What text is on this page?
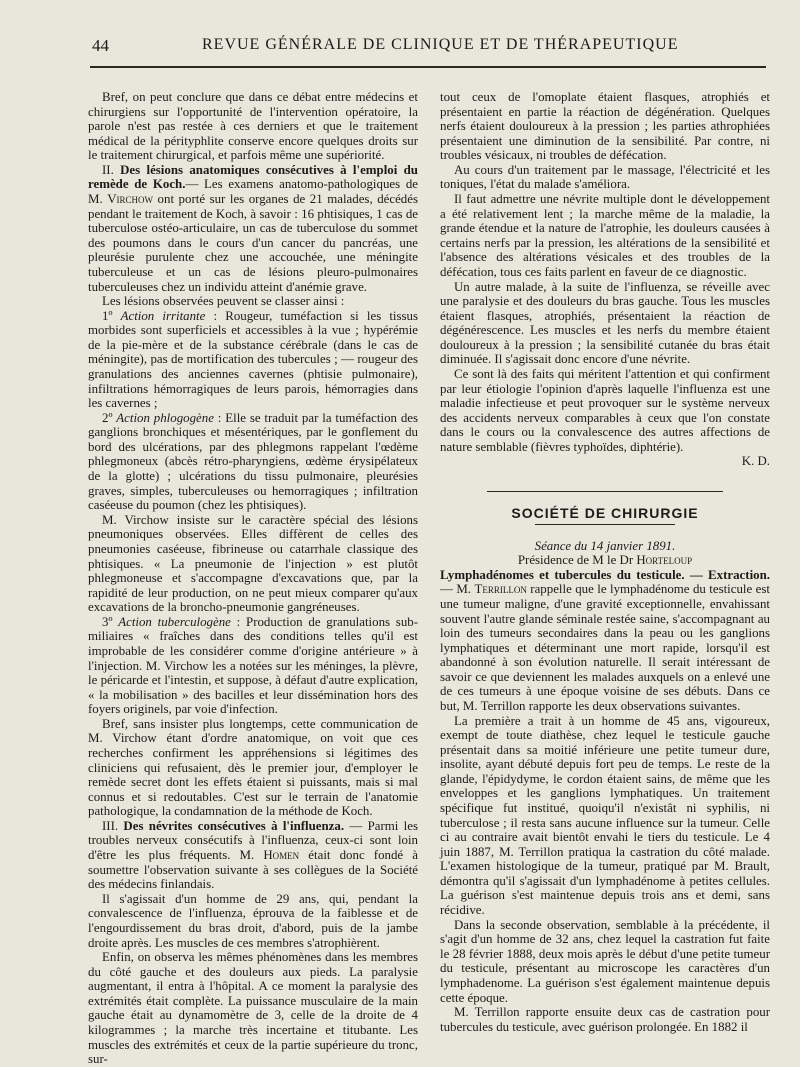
44	REVUE GÉNÉRALE DE CLINIQUE ET DE THÉRAPEUTIQUE

Bref, on peut conclure que dans ce débat entre médecins et chirurgiens sur l'opportunité de l'intervention opératoire, la parole n'est pas restée à ces derniers et que le traitement médical de la pérityphlite conserve encore quelques droits sur le traitement chirurgical, et parfois même une supériorité.

II. Des lésions anatomiques consécutives à l'emploi du remède de Koch.— Les examens anatomo-pathologiques de M. Virchow ont porté sur les organes de 21 malades, décédés pendant le traitement de Koch, à savoir : 16 phtisiques, 1 cas de tuberculose ostéo-articulaire, un cas de tuberculose du sommet des poumons dans le cours d'un cancer du pancréas, une pleurésie purulente chez une accouchée, une méningite tuberculeuse et un cas de lésions pleuro-pulmonaires tuberculeuses chez un individu atteint d'anémie grave.

Les lésions observées peuvent se classer ainsi :

1º Action irritante : Rougeur, tuméfaction si les tissus morbides sont superficiels et accessibles à la vue ; hypérémie de la pie-mère et de la substance cérébrale (dans le cas de méningite), pas de mortification des tubercules ; — rougeur des granulations des anciennes cavernes (phtisie pulmonaire), infiltrations hémorragiques de leurs parois, hémorragies dans les cavernes ;

2º Action phlogogène : Elle se traduit par la tuméfaction des ganglions bronchiques et mésentériques, par le gonflement du bord des ulcérations, par des phlegmons rappelant l'œdème phlegmoneux (abcès rétro-pharyngiens, œdème érysipélateux de la glotte) ; ulcérations du tissu pulmonaire, pleurésies graves, simples, tuberculeuses ou hemorragiques ; infiltration caséeuse du poumon (chez les phtisiques).

M. Virchow insiste sur le caractère spécial des lésions pneumoniques observées. Elles diffèrent de celles des pneumonies caséeuse, fibrineuse ou catarrhale classique des phtisiques. « La pneumonie de l'injection » est plutôt phlegmoneuse et s'accompagne d'excavations que, par la rapidité de leur production, on ne peut mieux comparer qu'aux excavations de la broncho-pneumonie gangréneuses.

3º Action tuberculogène : Production de granulations sub-miliaires « fraîches dans des conditions telles qu'il est improbable de les considérer comme d'origine antérieure » à l'injection. M. Virchow les a notées sur les méninges, la plèvre, le péricarde et l'intestin, et suppose, à défaut d'autre explication, « la mobilisation » des bacilles et leur dissémination hors des foyers originels, par voie d'infection.

Bref, sans insister plus longtemps, cette communication de M. Virchow étant d'ordre anatomique, on voit que ces recherches confirment les appréhensions si légitimes des cliniciens qui refusaient, dès le premier jour, d'employer le remède secret dont les effets étaient si puissants, mais si mal connus et si redoutables. C'est sur le terrain de l'anatomie pathologique, la condamnation de la méthode de Koch.

III. Des névrites consécutives à l'influenza. — Parmi les troubles nerveux consécutifs à l'influenza, ceux-ci sont loin d'être les plus fréquents. M. Homen était donc fondé à soumettre l'observation suivante à ses collègues de la Société des médecins finlandais.

Il s'agissait d'un homme de 29 ans, qui, pendant la convalescence de l'influenza, éprouva de la faiblesse et de l'engourdissement du bras droit, d'abord, puis de la jambe droite après. Les muscles de ces membres s'atrophièrent.

Enfin, on observa les mêmes phénomènes dans les membres du côté gauche et des douleurs aux pieds. La paralysie augmentant, il entra à l'hôpital. A ce moment la paralysie des extrémités était complète. La puissance musculaire de la main gauche était au dynamomètre de 3, celle de la droite de 4 kilogrammes ; la marche très incertaine et titubante. Les muscles des extrémités et ceux de la partie supérieure du tronc, sur-

tout ceux de l'omoplate étaient flasques, atrophiés et présentaient en partie la réaction de dégénération. Quelques nerfs étaient douloureux à la pression ; les parties athrophiées présentaient une diminution de la sensibilité. Par contre, ni troubles vésicaux, ni troubles de défécation.

Au cours d'un traitement par le massage, l'électricité et les toniques, l'état du malade s'améliora.

Il faut admettre une névrite multiple dont le développement a été relativement lent ; la marche même de la maladie, la grande étendue et la nature de l'atrophie, les douleurs causées à certains nerfs par la pression, les altérations de la sensibilité et l'absence des altérations vésicales et des troubles de la défécation, tous ces faits parlent en faveur de ce diagnostic.

Un autre malade, à la suite de l'influenza, se réveille avec une paralysie et des douleurs du bras gauche. Tous les muscles étaient flasques, atrophiés, présentaient la réaction de dégénérescence. Les muscles et les nerfs du membre étaient douloureux à la pression ; la sensibilité cutanée du bras était diminuée. Il s'agissait donc encore d'une névrite.

Ce sont là des faits qui méritent l'attention et qui confirment par leur étiologie l'opinion d'après laquelle l'influenza est une maladie infectieuse et peut provoquer sur le système nerveux des accidents nerveux comparables à ceux que l'on constate dans le cours ou la convalescence des autres affections de nature semblable (fièvres typhoïdes, diphtérie).

K. D.

SOCIÉTÉ DE CHIRURGIE

Séance du 14 janvier 1891.

Présidence de M le Dr Horteloup

Lymphadénomes et tubercules du testicule. — Extraction. — M. Terrillon rappelle que le lymphadénome du testicule est une tumeur maligne, d'une gravité exceptionnelle, envahissant souvent l'autre glande séminale restée saine, s'accompagnant au loin des tumeurs secondaires dans la peau ou les ganglions lymphatiques et déterminant une mort rapide, lorsqu'il est abandonné à son évolution naturelle. Il serait intéressant de savoir ce que deviennent les malades auxquels on a enlevé une de ces tumeurs à une époque voisine de ses débuts. Dans ce but, M. Terrillon rapporte les deux observations suivantes.

La première a trait à un homme de 45 ans, vigoureux, exempt de toute diathèse, chez lequel le testicule gauche présentait dans sa moitié inférieure une petite tumeur dure, insolite, ayant débuté depuis fort peu de temps. Le reste de la glande, l'épidydyme, le cordon étaient sains, de même que les enveloppes et les ganglions lymphatiques. Un traitement spécifique fut institué, quoiqu'il n'existât ni syphilis, ni tuberculose ; il resta sans aucune influence sur la tumeur. Celle ci au contraire avait bientôt envahi le tiers du testicule. Le 4 juin 1887, M. Terrillon pratiqua la castration du côté malade. L'examen histologique de la tumeur, pratiqué par M. Brault, démontra qu'il s'agissait d'un lymphadénome à petites cellules. La guérison s'est maintenue depuis trois ans et demi, sans récidive.

Dans la seconde observation, semblable à la précédente, il s'agit d'un homme de 32 ans, chez lequel la castration fut faite le 28 février 1888, deux mois après le début d'une petite tumeur du testicule, présentant au microscope les caractères d'un lymphadenome. La guérison s'est également maintenue depuis cette époque.

M. Terrillon rapporte ensuite deux cas de castration pour tubercules du testicule, avec guérison prolongée. En 1882 il
